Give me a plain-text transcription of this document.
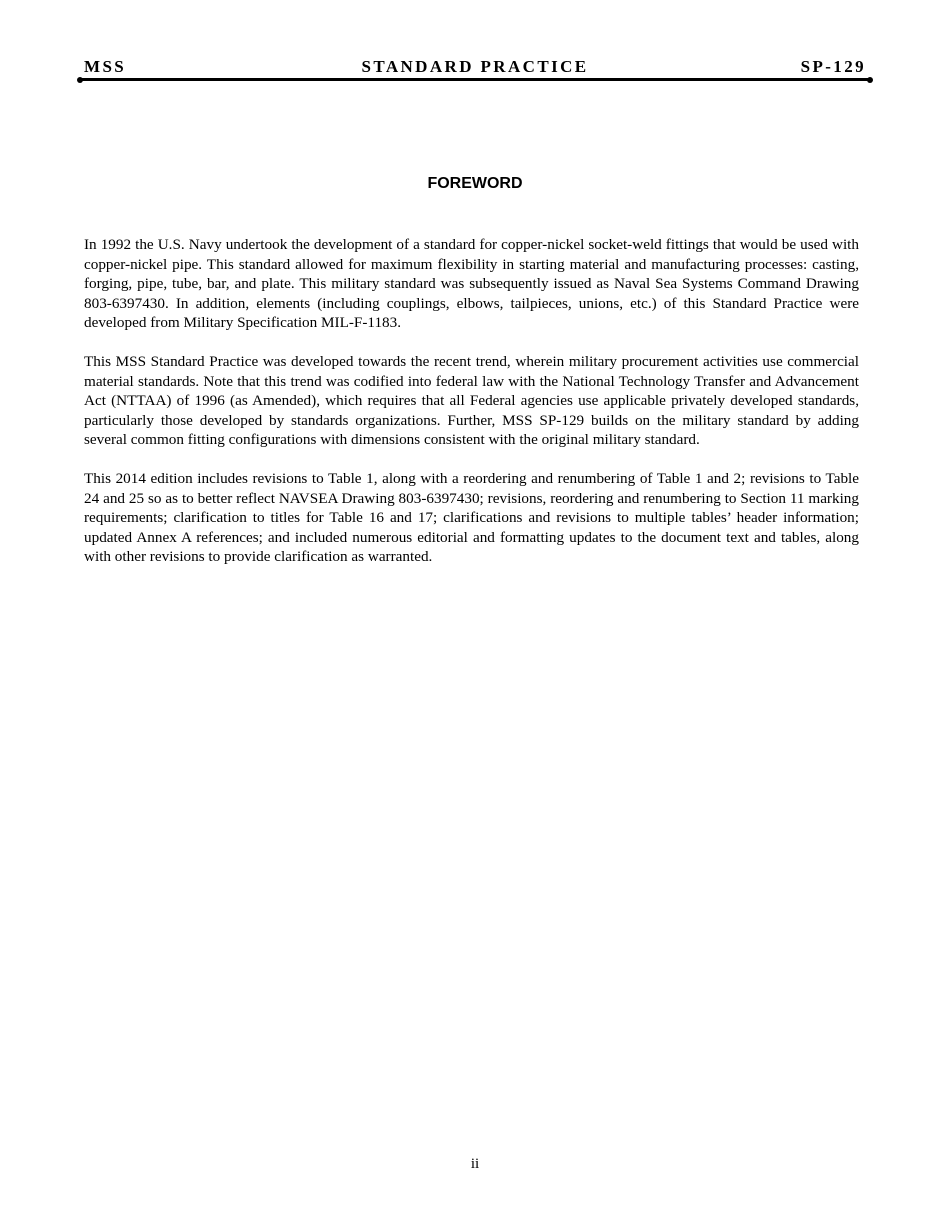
MSS	STANDARD PRACTICE	SP-129
FOREWORD

In 1992 the U.S. Navy undertook the development of a standard for copper-nickel socket-weld fittings that would be used with copper-nickel pipe. This standard allowed for maximum flexibility in starting material and manufacturing processes: casting, forging, pipe, tube, bar, and plate. This military standard was subsequently issued as Naval Sea Systems Command Drawing 803-6397430. In addition, elements (including couplings, elbows, tailpieces, unions, etc.) of this Standard Practice were developed from Military Specification MIL-F-1183.

This MSS Standard Practice was developed towards the recent trend, wherein military procurement activities use commercial material standards. Note that this trend was codified into federal law with the National Technology Transfer and Advancement Act (NTTAA) of 1996 (as Amended), which requires that all Federal agencies use applicable privately developed standards, particularly those developed by standards organizations. Further, MSS SP-129 builds on the military standard by adding several common fitting configurations with dimensions consistent with the original military standard.

This 2014 edition includes revisions to Table 1, along with a reordering and renumbering of Table 1 and 2; revisions to Table 24 and 25 so as to better reflect NAVSEA Drawing 803-6397430; revisions, reordering and renumbering to Section 11 marking requirements; clarification to titles for Table 16 and 17; clarifications and revisions to multiple tables’ header information; updated Annex A references; and included numerous editorial and formatting updates to the document text and tables, along with other revisions to provide clarification as warranted.

ii
